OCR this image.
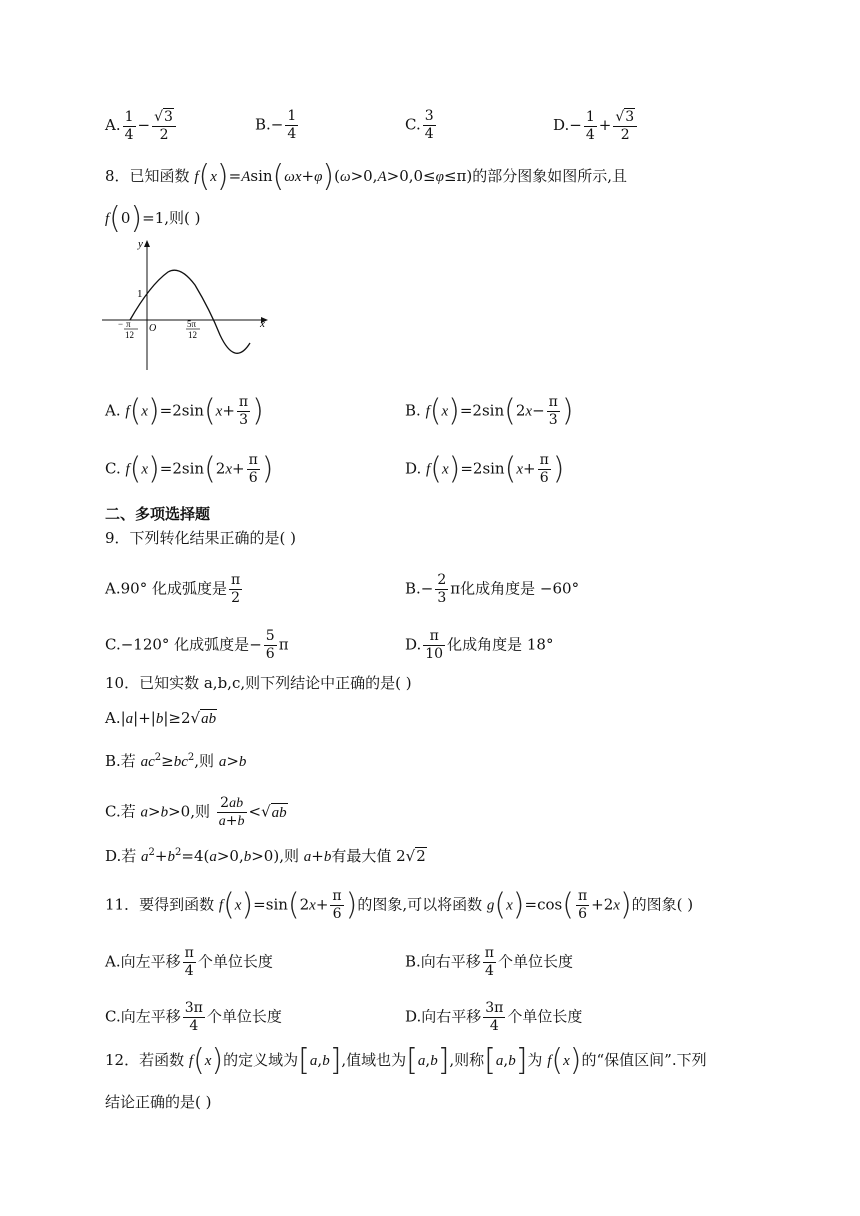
A. $\frac{1}{4} - \frac{√3}{2}$	$B.- \frac{1}{4}$	C. $\frac{3}{4}$	$D.- \frac{1}{4} + \frac{√3}{2}$
8．已知函数 f(x)=Asin(ωx+φ)(ω>0,A>0,0≤φ≤π)的部分图象如图所示,且
f(0)=1,则( )
y
x
1
O
− π
12
5π
12
A. $f(x)=2\sin(x+ \frac{\pi}{3}$ )	B. $f(x)=2\sin(2x- \frac{\pi}{3}$ )
C. $f(x)=2\sin(2x+ \frac{\pi}{6}$ )	D. $f(x)=2\sin(x+ \frac{\pi}{6}$ )
二、多项选择题
9．下列转化结果正确的是( )
A.90° 化成弧度是 $\frac{\pi}{2}$	$B.- \frac{2}{3}$ π化成角度是 −60°
C.−120° 化成弧度是− $\frac{5}{6}$ π	D. $\frac{\pi}{10}$ 化成角度是 18°
10．已知实数 a,b,c,则下列结论中正确的是( )
A.|a|+|b|≥2√ab
B.若 $ac^2\ge bc^2$,则 a>b
C.若 a>b>0,则 $\frac{2ab}{a+b} <√ab$
D.若 $a^2+b^2=4(a>0,b>0)$,则 a+b有最大值 2√2
11．要得到函数 $f(x)=\sin(2x+ \frac{\pi}{6}$ )的图象,可以将函数 $g(x)=\cos( \frac{\pi}{6} +2x)$的图象( )
A.向左平移 $\frac{\pi}{4}$ 个单位长度	B.向右平移 $\frac{\pi}{4}$ 个单位长度
C.向左平移 $\frac{3\pi}{4}$ 个单位长度	D.向右平移 $\frac{3\pi}{4}$ 个单位长度
12．若函数 f(x)的定义域为[a,b],值域也为[a,b],则称[a,b]为 f(x)的“保值区间”.下列
结论正确的是( )
